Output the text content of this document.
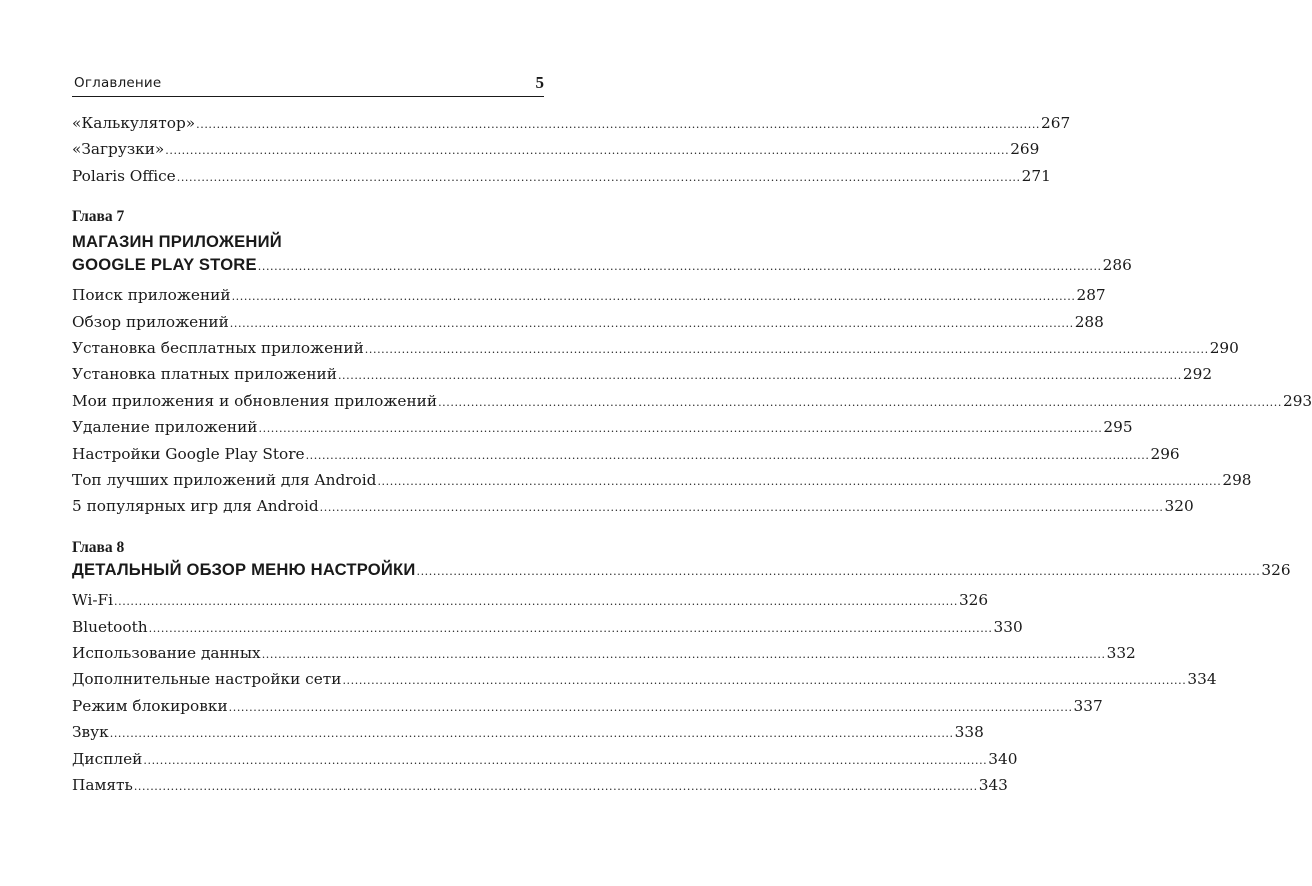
Оглавление	5
«Калькулятор» .............................................................................................................................................................................................................. 267
«Загрузки» .............................................................................................................................................................................................................. 269
Polaris Office .............................................................................................................................................................................................................. 271
Глава 7
МАГАЗИН ПРИЛОЖЕНИЙ
GOOGLE PLAY STORE .............................................................................................................................................................................................................. 286
Поиск приложений .............................................................................................................................................................................................................. 287
Обзор приложений .............................................................................................................................................................................................................. 288
Установка бесплатных приложений .............................................................................................................................................................................................................. 290
Установка платных приложений .............................................................................................................................................................................................................. 292
Мои приложения и обновления приложений .............................................................................................................................................................................................................. 293
Удаление приложений .............................................................................................................................................................................................................. 295
Настройки Google Play Store .............................................................................................................................................................................................................. 296
Топ лучших приложений для Android .............................................................................................................................................................................................................. 298
5 популярных игр для Android .............................................................................................................................................................................................................. 320
Глава 8
ДЕТАЛЬНЫЙ ОБЗОР МЕНЮ НАСТРОЙКИ .............................................................................................................................................................................................................. 326
Wi-Fi .............................................................................................................................................................................................................. 326
Bluetooth .............................................................................................................................................................................................................. 330
Использование данных .............................................................................................................................................................................................................. 332
Дополнительные настройки сети .............................................................................................................................................................................................................. 334
Режим блокировки .............................................................................................................................................................................................................. 337
Звук .............................................................................................................................................................................................................. 338
Дисплей .............................................................................................................................................................................................................. 340
Память .............................................................................................................................................................................................................. 343
